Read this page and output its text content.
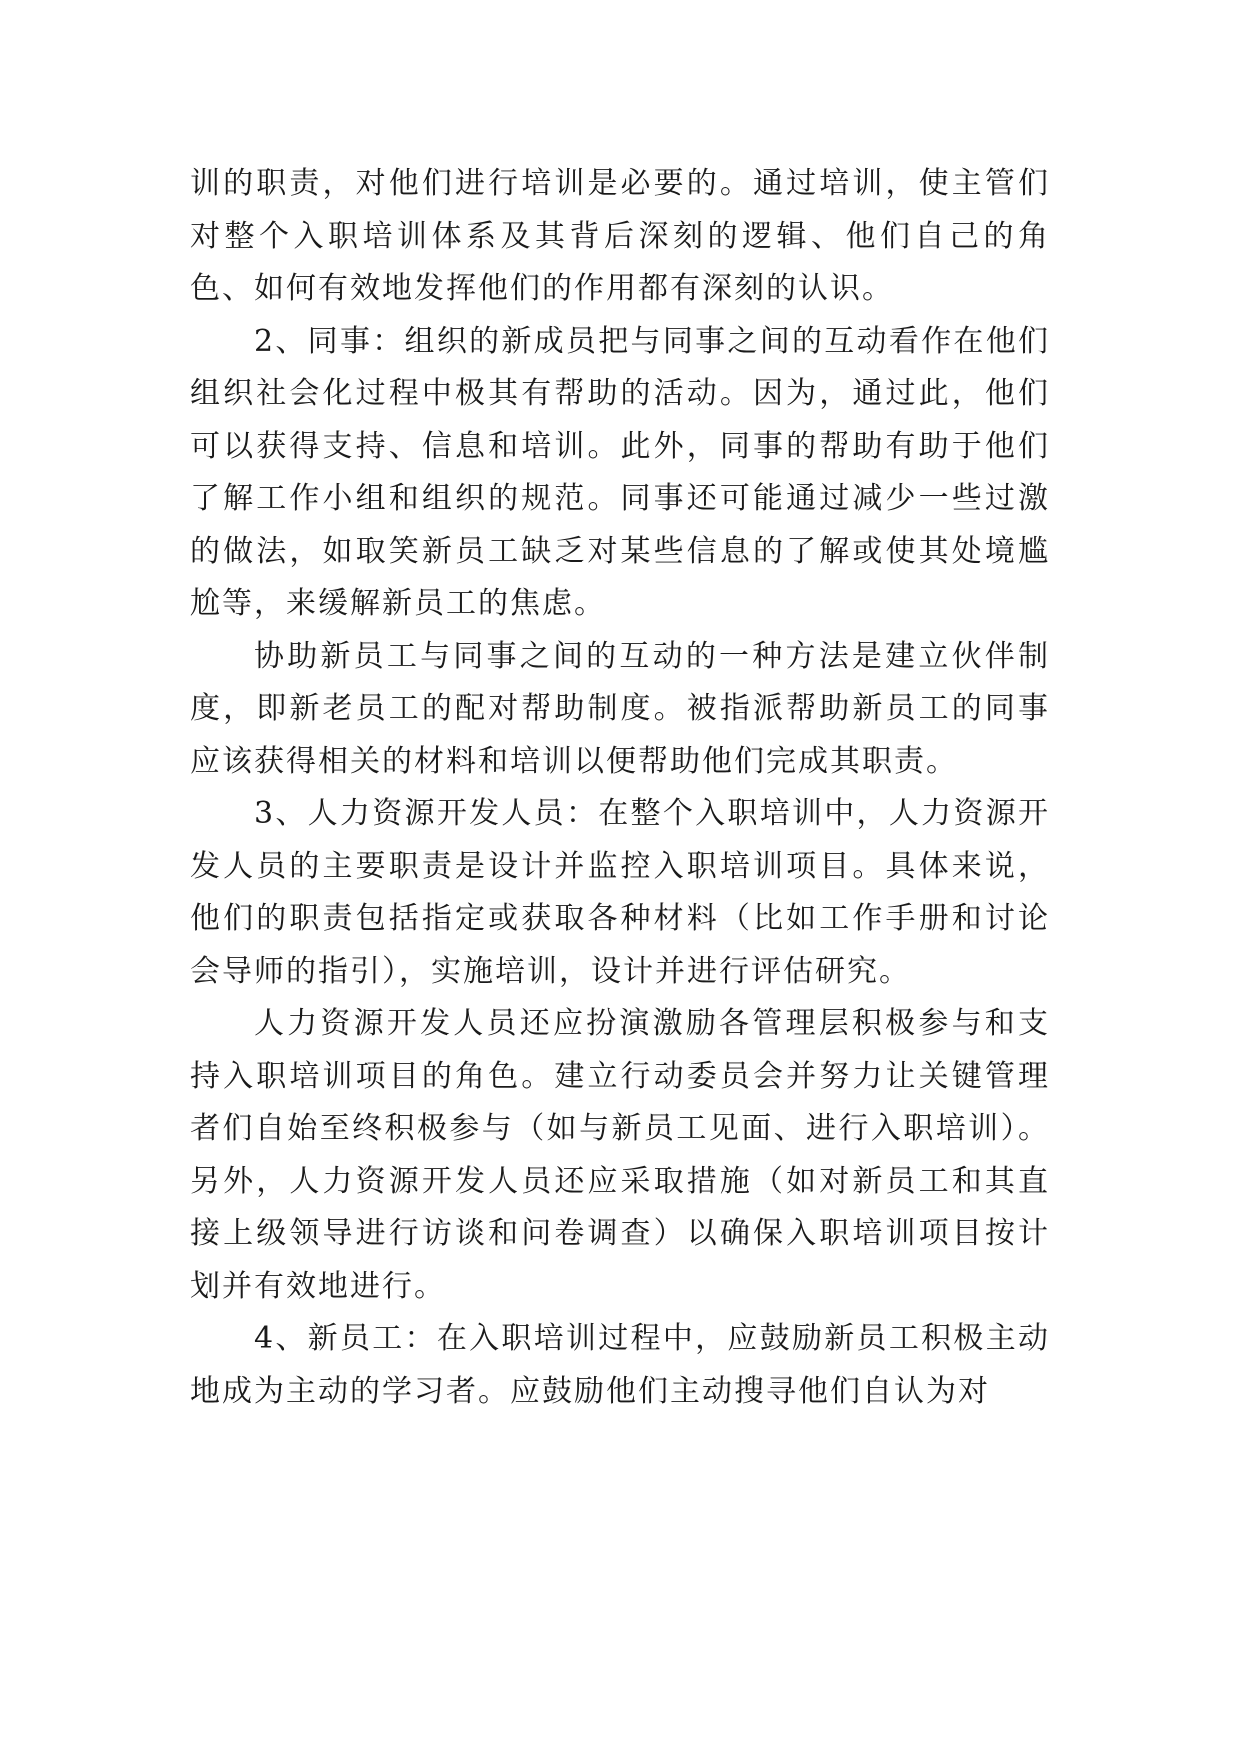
训的职责，对他们进行培训是必要的。通过培训，使主管们对整个入职培训体系及其背后深刻的逻辑、他们自己的角色、如何有效地发挥他们的作用都有深刻的认识。

2、同事：组织的新成员把与同事之间的互动看作在他们组织社会化过程中极其有帮助的活动。因为，通过此，他们可以获得支持、信息和培训。此外，同事的帮助有助于他们了解工作小组和组织的规范。同事还可能通过减少一些过激的做法，如取笑新员工缺乏对某些信息的了解或使其处境尴尬等，来缓解新员工的焦虑。

协助新员工与同事之间的互动的一种方法是建立伙伴制度，即新老员工的配对帮助制度。被指派帮助新员工的同事应该获得相关的材料和培训以便帮助他们完成其职责。

3、人力资源开发人员：在整个入职培训中，人力资源开发人员的主要职责是设计并监控入职培训项目。具体来说，他们的职责包括指定或获取各种材料（比如工作手册和讨论会导师的指引），实施培训，设计并进行评估研究。

人力资源开发人员还应扮演激励各管理层积极参与和支持入职培训项目的角色。建立行动委员会并努力让关键管理者们自始至终积极参与（如与新员工见面、进行入职培训）。另外，人力资源开发人员还应采取措施（如对新员工和其直接上级领导进行访谈和问卷调查）以确保入职培训项目按计划并有效地进行。

4、新员工：在入职培训过程中，应鼓励新员工积极主动地成为主动的学习者。应鼓励他们主动搜寻他们自认为对
